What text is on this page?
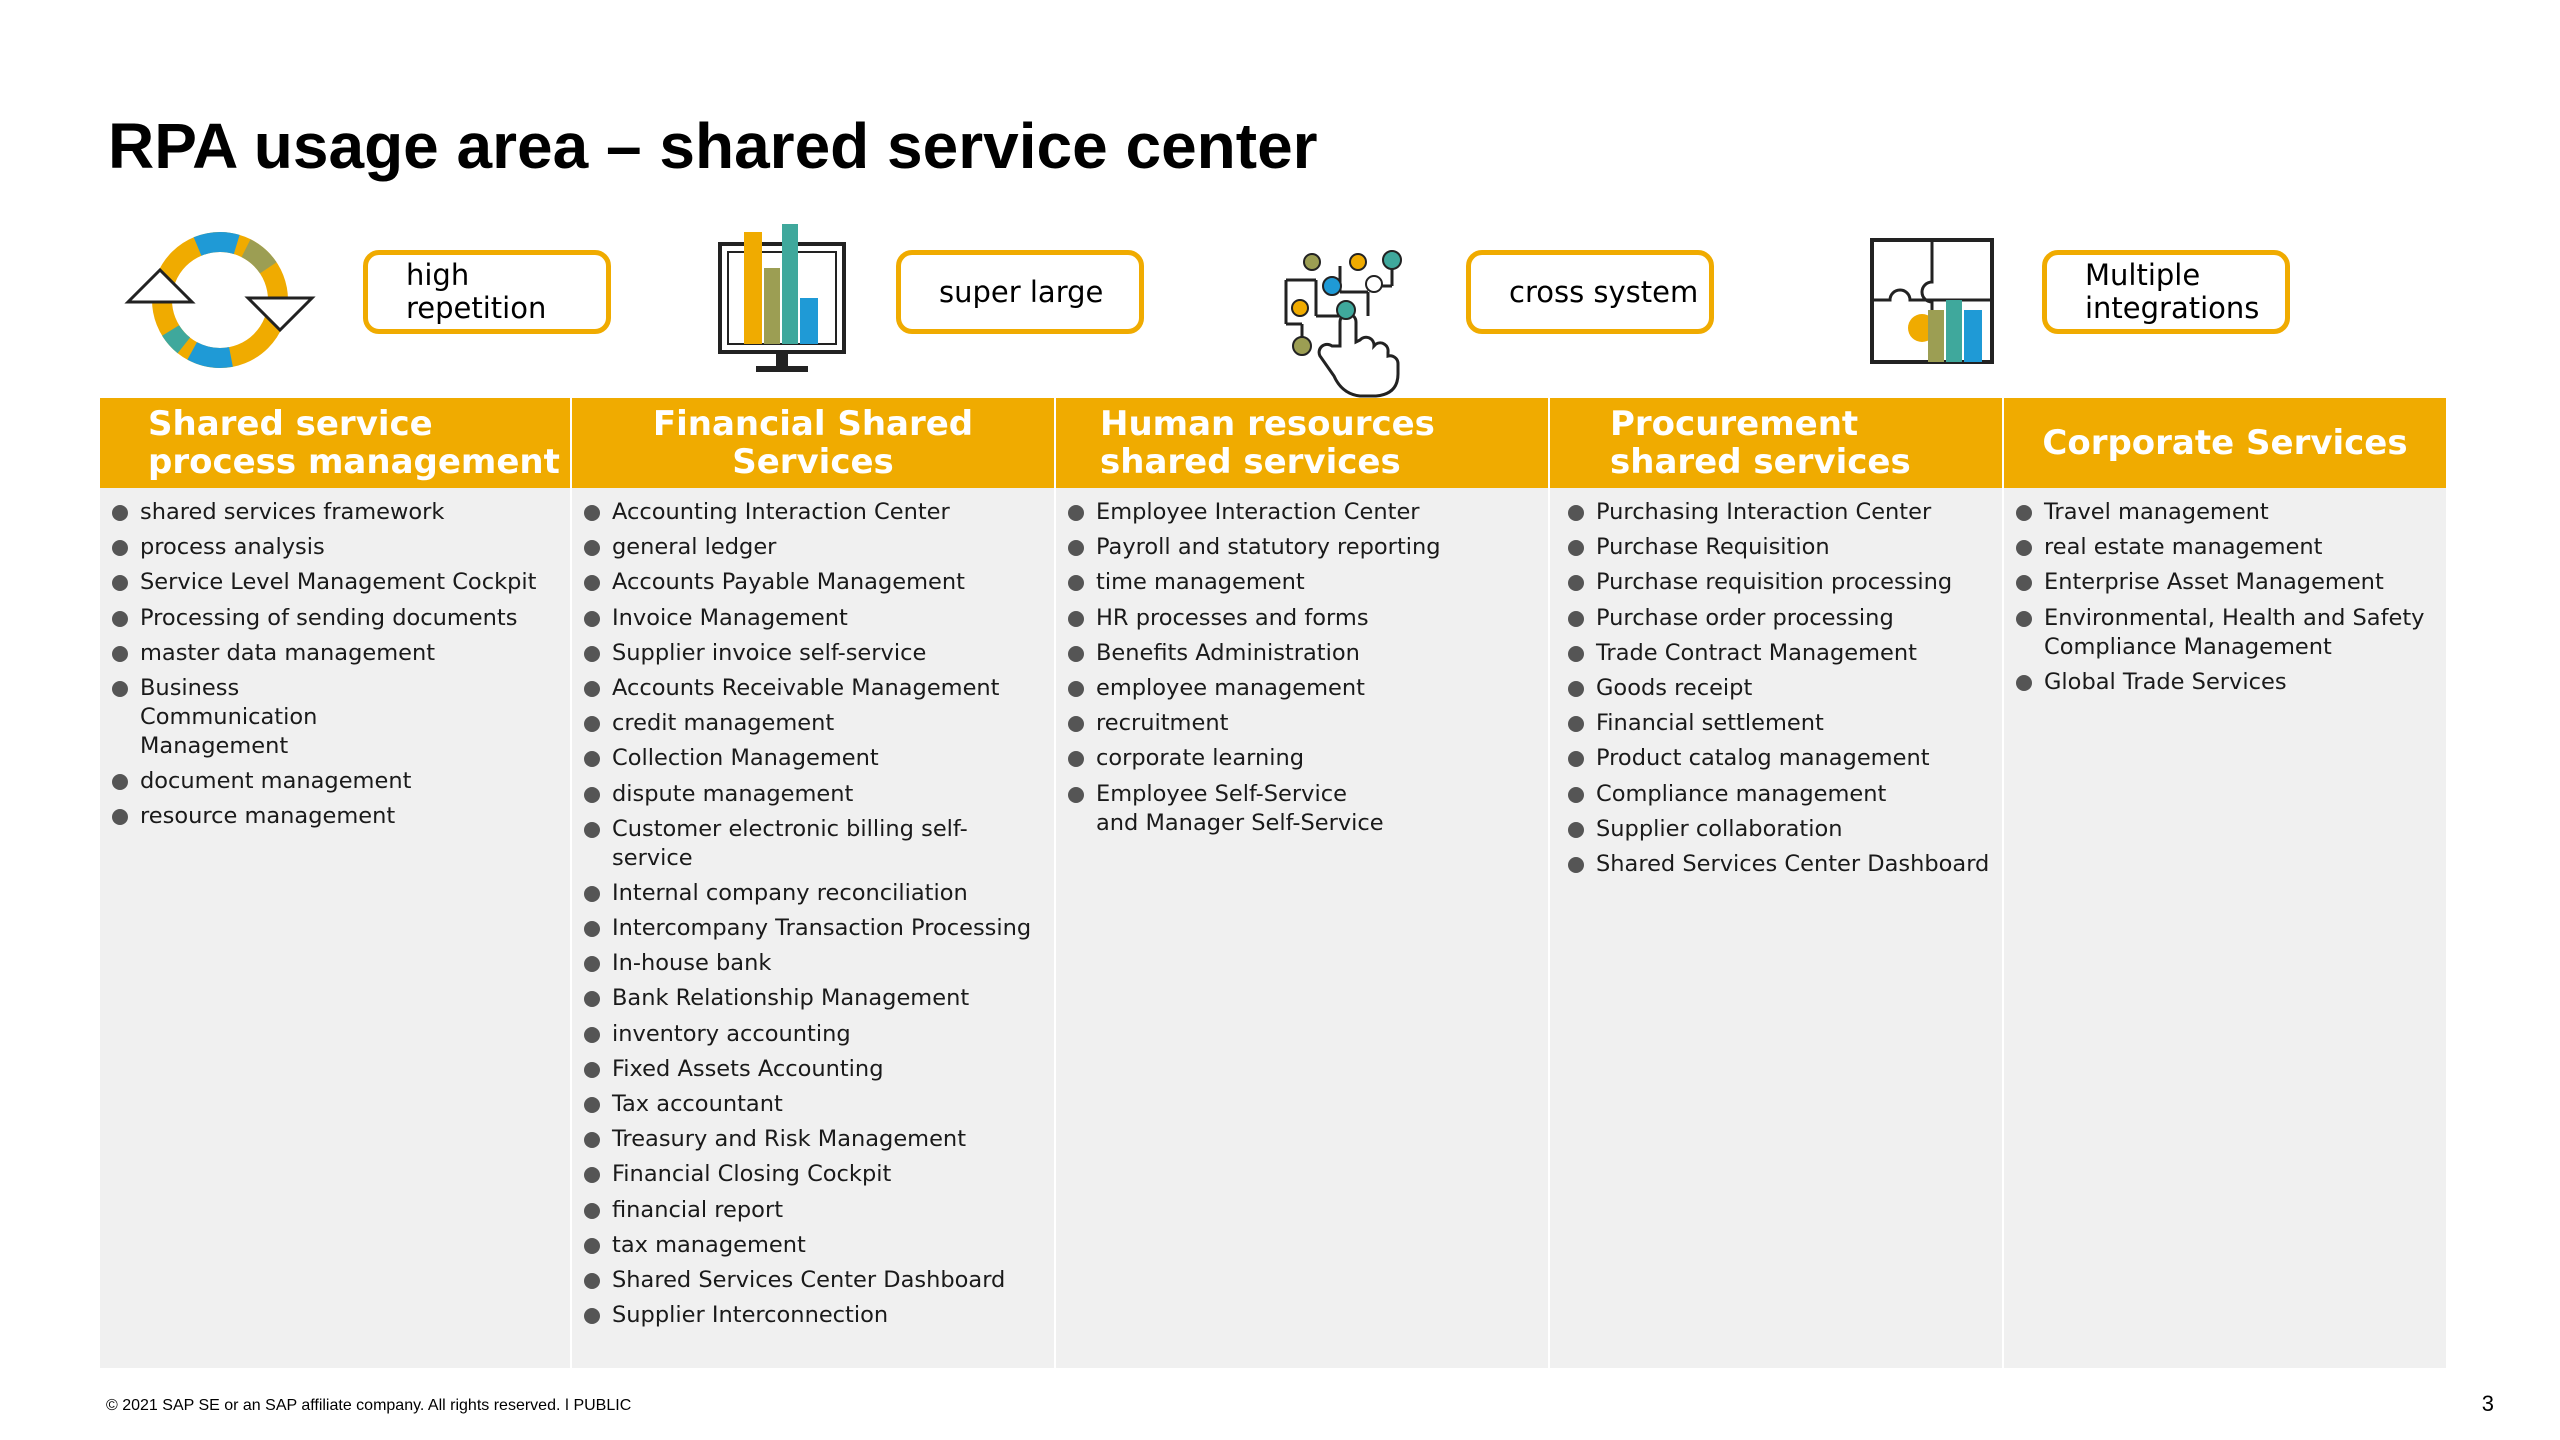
RPA usage area – shared service center
high
repetition	super large	cross system	Multiple
integrations
Shared service process management
shared services framework
process analysis
Service Level Management Cockpit
Processing of sending documents
master data management
Business Communication Management
document management
resource management
Financial Shared Services
Accounting Interaction Center
general ledger
Accounts Payable Management
Invoice Management
Supplier invoice self-service
Accounts Receivable Management
credit management
Collection Management
dispute management
Customer electronic billing self-service
Internal company reconciliation
Intercompany Transaction Processing
In-house bank
Bank Relationship Management
inventory accounting
Fixed Assets Accounting
Tax accountant
Treasury and Risk Management
Financial Closing Cockpit
financial report
tax management
Shared Services Center Dashboard
Supplier Interconnection
Human resources shared services
Employee Interaction Center
Payroll and statutory reporting
time management
HR processes and forms
Benefits Administration
employee management
recruitment
corporate learning
Employee Self-Service and Manager Self-Service
Procurement shared services
Purchasing Interaction Center
Purchase Requisition
Purchase requisition processing
Purchase order processing
Trade Contract Management
Goods receipt
Financial settlement
Product catalog management
Compliance management
Supplier collaboration
Shared Services Center Dashboard
Corporate Services
Travel management
real estate management
Enterprise Asset Management
Environmental, Health and Safety Compliance Management
Global Trade Services
© 2021 SAP SE or an SAP affiliate company. All rights reserved. ǀ PUBLIC	3
